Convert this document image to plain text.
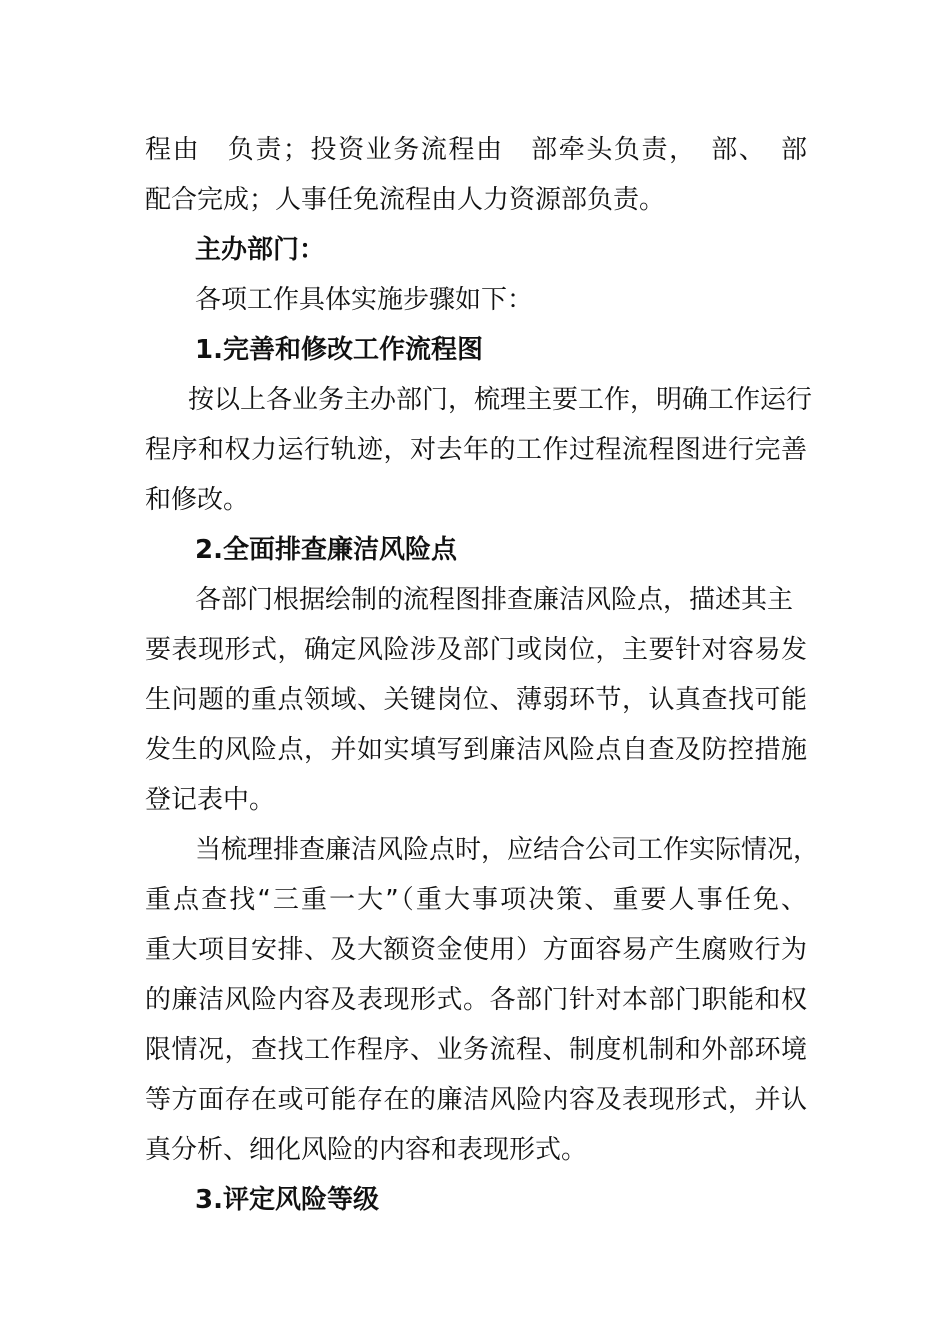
程由　负责；投资业务流程由　部牵头负责，　部、　部
配合完成；人事任免流程由人力资源部负责。
主办部门：
各项工作具体实施步骤如下：
1.完善和修改工作流程图
按以上各业务主办部门，梳理主要工作，明确工作运行
程序和权力运行轨迹，对去年的工作过程流程图进行完善
和修改。
2.全面排查廉洁风险点
各部门根据绘制的流程图排查廉洁风险点，描述其主
要表现形式，确定风险涉及部门或岗位，主要针对容易发
生问题的重点领域、关键岗位、薄弱环节，认真查找可能
发生的风险点，并如实填写到廉洁风险点自查及防控措施
登记表中。
当梳理排查廉洁风险点时，应结合公司工作实际情况，
重点查找“三重一大”（重大事项决策、重要人事任免、
重大项目安排、及大额资金使用）方面容易产生腐败行为
的廉洁风险内容及表现形式。各部门针对本部门职能和权
限情况，查找工作程序、业务流程、制度机制和外部环境
等方面存在或可能存在的廉洁风险内容及表现形式，并认
真分析、细化风险的内容和表现形式。
3.评定风险等级
